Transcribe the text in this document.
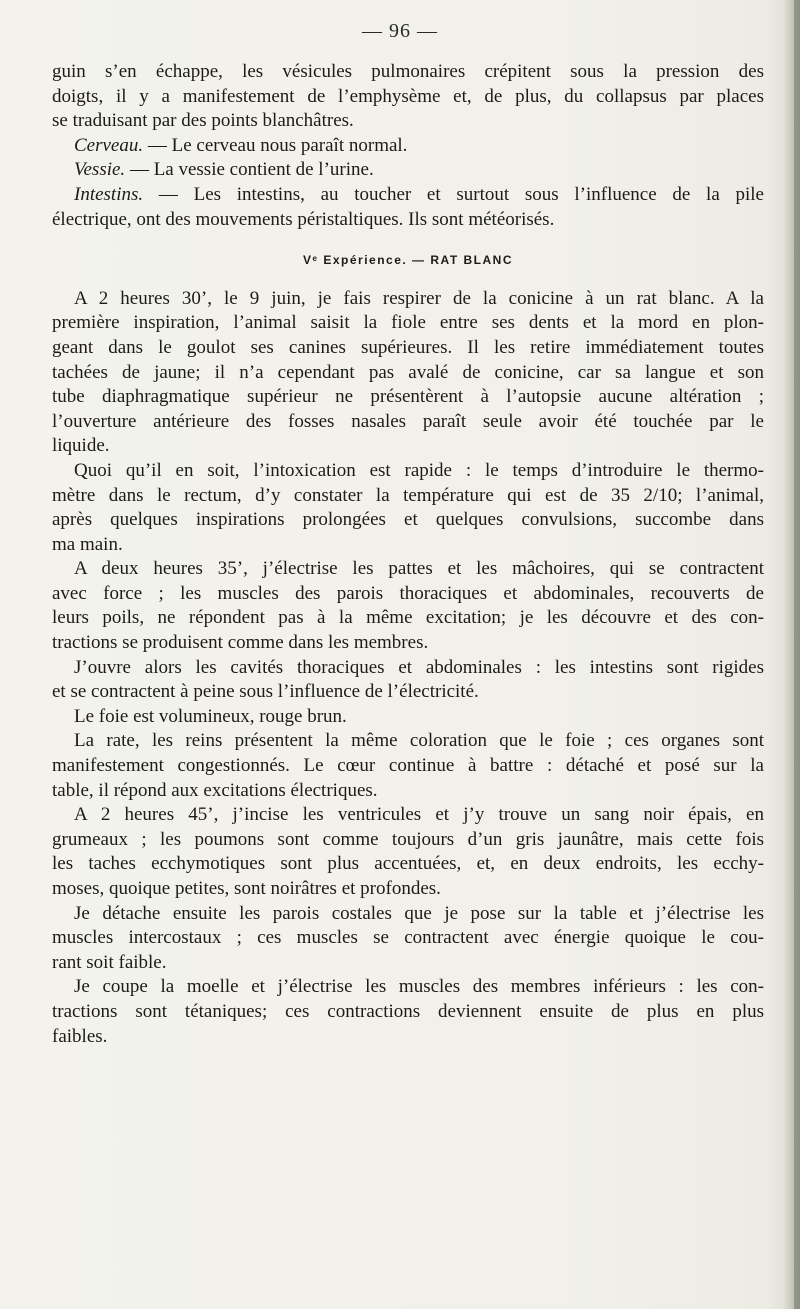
— 96 —
guin s’en échappe, les vésicules pulmonaires crépitent sous la pression des
doigts, il y a manifestement de l’emphysème et, de plus, du collapsus par places
se traduisant par des points blanchâtres.
Cerveau. — Le cerveau nous paraît normal.
Vessie. — La vessie contient de l’urine.
Intestins. — Les intestins, au toucher et surtout sous l’influence de la pile
électrique, ont des mouvements péristaltiques. Ils sont météorisés.
Vᵉ Expérience. — RAT BLANC
A 2 heures 30’, le 9 juin, je fais respirer de la conicine à un rat blanc. A la
première inspiration, l’animal saisit la fiole entre ses dents et la mord en plon-
geant dans le goulot ses canines supérieures. Il les retire immédiatement toutes
tachées de jaune; il n’a cependant pas avalé de conicine, car sa langue et son
tube diaphragmatique supérieur ne présentèrent à l’autopsie aucune altération ;
l’ouverture antérieure des fosses nasales paraît seule avoir été touchée par le
liquide.
Quoi qu’il en soit, l’intoxication est rapide : le temps d’introduire le thermo-
mètre dans le rectum, d’y constater la température qui est de 35 2/10; l’animal,
après quelques inspirations prolongées et quelques convulsions, succombe dans
ma main.
A deux heures 35’, j’électrise les pattes et les mâchoires, qui se contractent
avec force ; les muscles des parois thoraciques et abdominales, recouverts de
leurs poils, ne répondent pas à la même excitation; je les découvre et des con-
tractions se produisent comme dans les membres.
J’ouvre alors les cavités thoraciques et abdominales : les intestins sont rigides
et se contractent à peine sous l’influence de l’électricité.
Le foie est volumineux, rouge brun.
La rate, les reins présentent la même coloration que le foie ; ces organes sont
manifestement congestionnés. Le cœur continue à battre : détaché et posé sur la
table, il répond aux excitations électriques.
A 2 heures 45’, j’incise les ventricules et j’y trouve un sang noir épais, en
grumeaux ; les poumons sont comme toujours d’un gris jaunâtre, mais cette fois
les taches ecchymotiques sont plus accentuées, et, en deux endroits, les ecchy-
moses, quoique petites, sont noirâtres et profondes.
Je détache ensuite les parois costales que je pose sur la table et j’électrise les
muscles intercostaux ; ces muscles se contractent avec énergie quoique le cou-
rant soit faible.
Je coupe la moelle et j’électrise les muscles des membres inférieurs : les con-
tractions sont tétaniques; ces contractions deviennent ensuite de plus en plus
faibles.
